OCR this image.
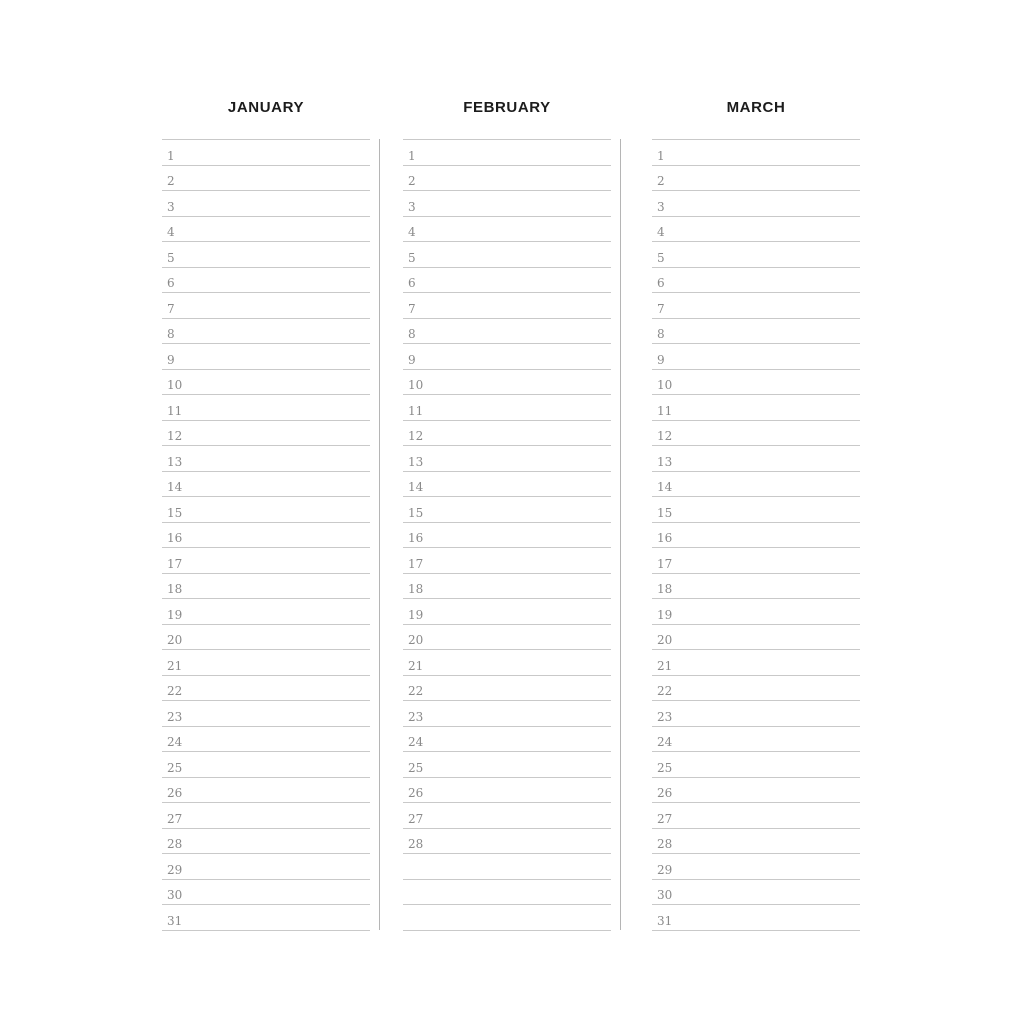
JANUARY
1
2
3
4
5
6
7
8
9
10
11
12
13
14
15
16
17
18
19
20
21
22
23
24
25
26
27
28
29
30
31
FEBRUARY
1
2
3
4
5
6
7
8
9
10
11
12
13
14
15
16
17
18
19
20
21
22
23
24
25
26
27
28
MARCH
1
2
3
4
5
6
7
8
9
10
11
12
13
14
15
16
17
18
19
20
21
22
23
24
25
26
27
28
29
30
31
